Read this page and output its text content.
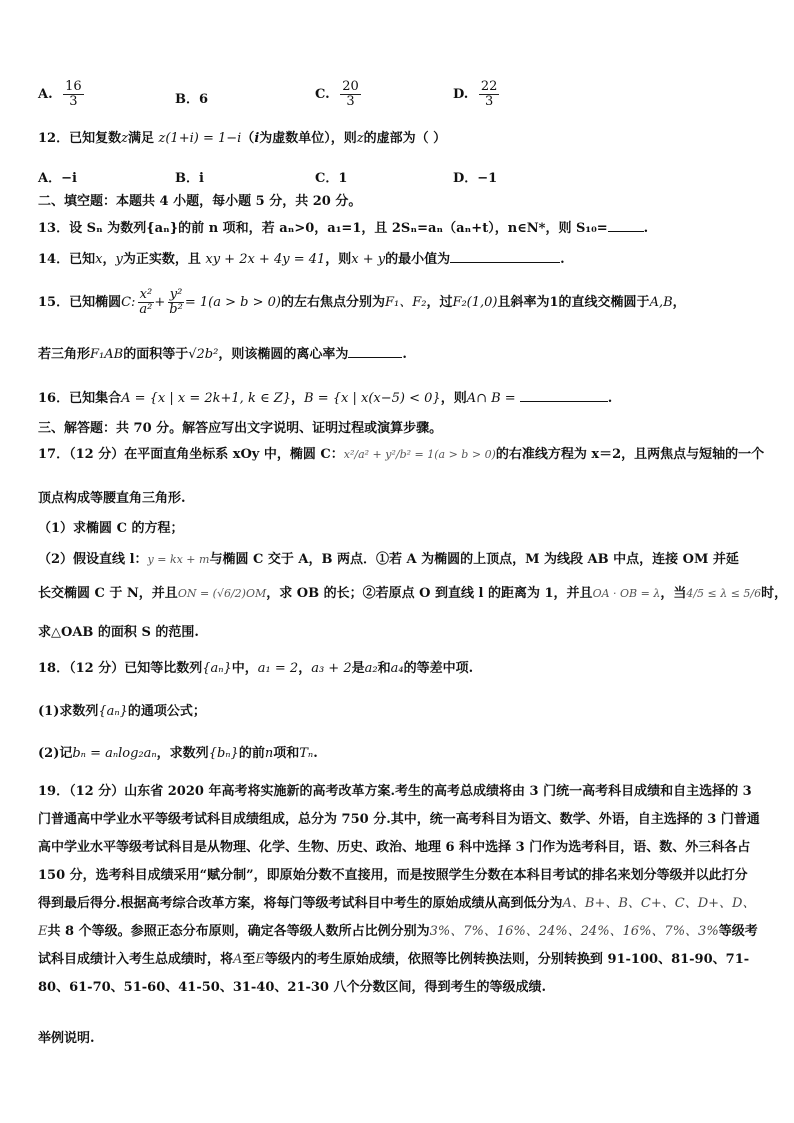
A. $\frac{16}{3}$	B．6	C. $\frac{20}{3}$	D. $\frac{22}{3}$
12．已知复数z满足 z(1+i) = 1−i（i为虚数单位），则z的虚部为（ ）
A．−i	B．i	C．1	D．−1
二、填空题：本题共 4 小题，每小题 5 分，共 20 分。
13．设 Sₙ 为数列{aₙ}的前 n 项和，若 aₙ>0，a₁=1，且 2Sₙ=aₙ（aₙ+t），n∈N*，则 S₁₀=	.
14．已知x，y为正实数，且 xy + 2x + 4y = 41，则x + y的最小值为	.
15．已知椭圆C: $\frac{\text{x²}}{\text{a²}} + \frac{\text{y²}}{\text{b²}} = 1(a > b > 0)$的左右焦点分别为F₁、F₂，过F₂(1,0)且斜率为1的直线交椭圆于A,B，
若三角形F₁AB的面积等于√2b²，则该椭圆的离心率为	.
16．已知集合A = {x | x = 2k+1, k ∈ Z}，B = {x | x(x−5) < 0}，则A∩ B =	.
三、解答题：共 70 分。解答应写出文字说明、证明过程或演算步骤。
17．（12 分）在平面直角坐标系 xOy 中，椭圆 C：x²/a² + y²/b² = 1(a > b > 0)的右准线方程为 x＝2，且两焦点与短轴的一个
顶点构成等腰直角三角形.
（1）求椭圆 C 的方程；
（2）假设直线 l：y = kx + m与椭圆 C 交于 A，B 两点．①若 A 为椭圆的上顶点，M 为线段 AB 中点，连接 OM 并延
长交椭圆 C 于 N，并且ON = (√6/2)OM，求 OB 的长；②若原点 O 到直线 l 的距离为 1，并且OA · OB = λ，当4/5 ≤ λ ≤ 5/6时，
求△OAB 的面积 S 的范围.
18．（12 分）已知等比数列{aₙ}中，a₁ = 2，a₃ + 2是a₂和a₄的等差中项.
(1)求数列{aₙ}的通项公式；
(2)记bₙ = aₙlog₂aₙ，求数列{bₙ}的前n项和Tₙ.
19．（12 分）山东省 2020 年高考将实施新的高考改革方案.考生的高考总成绩将由 3 门统一高考科目成绩和自主选择的 3 门普通高中学业水平等级考试科目成绩组成，总分为 750 分.其中，统一高考科目为语文、数学、外语，自主选择的 3 门普通高中学业水平等级考试科目是从物理、化学、生物、历史、政治、地理 6 科中选择 3 门作为选考科目，语、数、外三科各占 150 分，选考科目成绩采用“赋分制”，即原始分数不直接用，而是按照学生分数在本科目考试的排名来划分等级并以此打分得到最后得分.根据高考综合改革方案，将每门等级考试科目中考生的原始成绩从高到低分为A、B+、B、C+、C、D+、D、E共 8 个等级。参照正态分布原则，确定各等级人数所占比例分别为3%、7%、16%、24%、24%、16%、7%、3%等级考试科目成绩计入考生总成绩时，将A至E等级内的考生原始成绩，依照等比例转换法则，分别转换到 91-100、81-90、71-80、61-70、51-60、41-50、31-40、21-30 八个分数区间，得到考生的等级成绩.
举例说明.
